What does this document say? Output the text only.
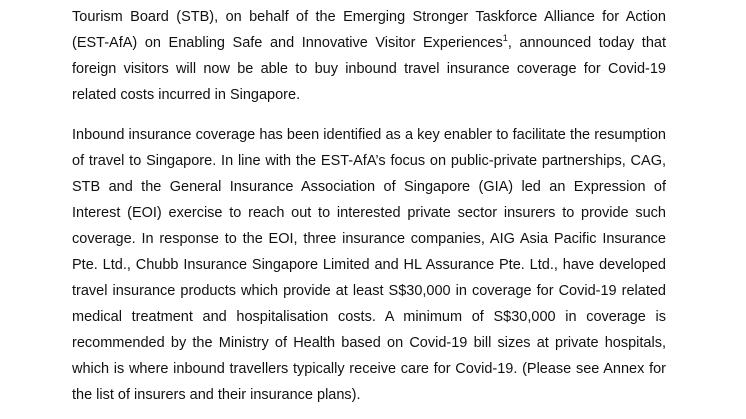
Tourism Board (STB), on behalf of the Emerging Stronger Taskforce Alliance for Action (EST-AfA) on Enabling Safe and Innovative Visitor Experiences$^1$, announced today that foreign visitors will now be able to buy inbound travel insurance coverage for Covid-19 related costs incurred in Singapore.

Inbound insurance coverage has been identified as a key enabler to facilitate the resumption of travel to Singapore. In line with the EST-AfA’s focus on public-private partnerships, CAG, STB and the General Insurance Association of Singapore (GIA) led an Expression of Interest (EOI) exercise to reach out to interested private sector insurers to provide such coverage. In response to the EOI, three insurance companies, AIG Asia Pacific Insurance Pte. Ltd., Chubb Insurance Singapore Limited and HL Assurance Pte. Ltd., have developed travel insurance products which provide at least S$30,000 in coverage for Covid-19 related medical treatment and hospitalisation costs. A minimum of S$30,000 in coverage is recommended by the Ministry of Health based on Covid-19 bill sizes at private hospitals, which is where inbound travellers typically receive care for Covid-19. (Please see Annex for the list of insurers and their insurance plans).
